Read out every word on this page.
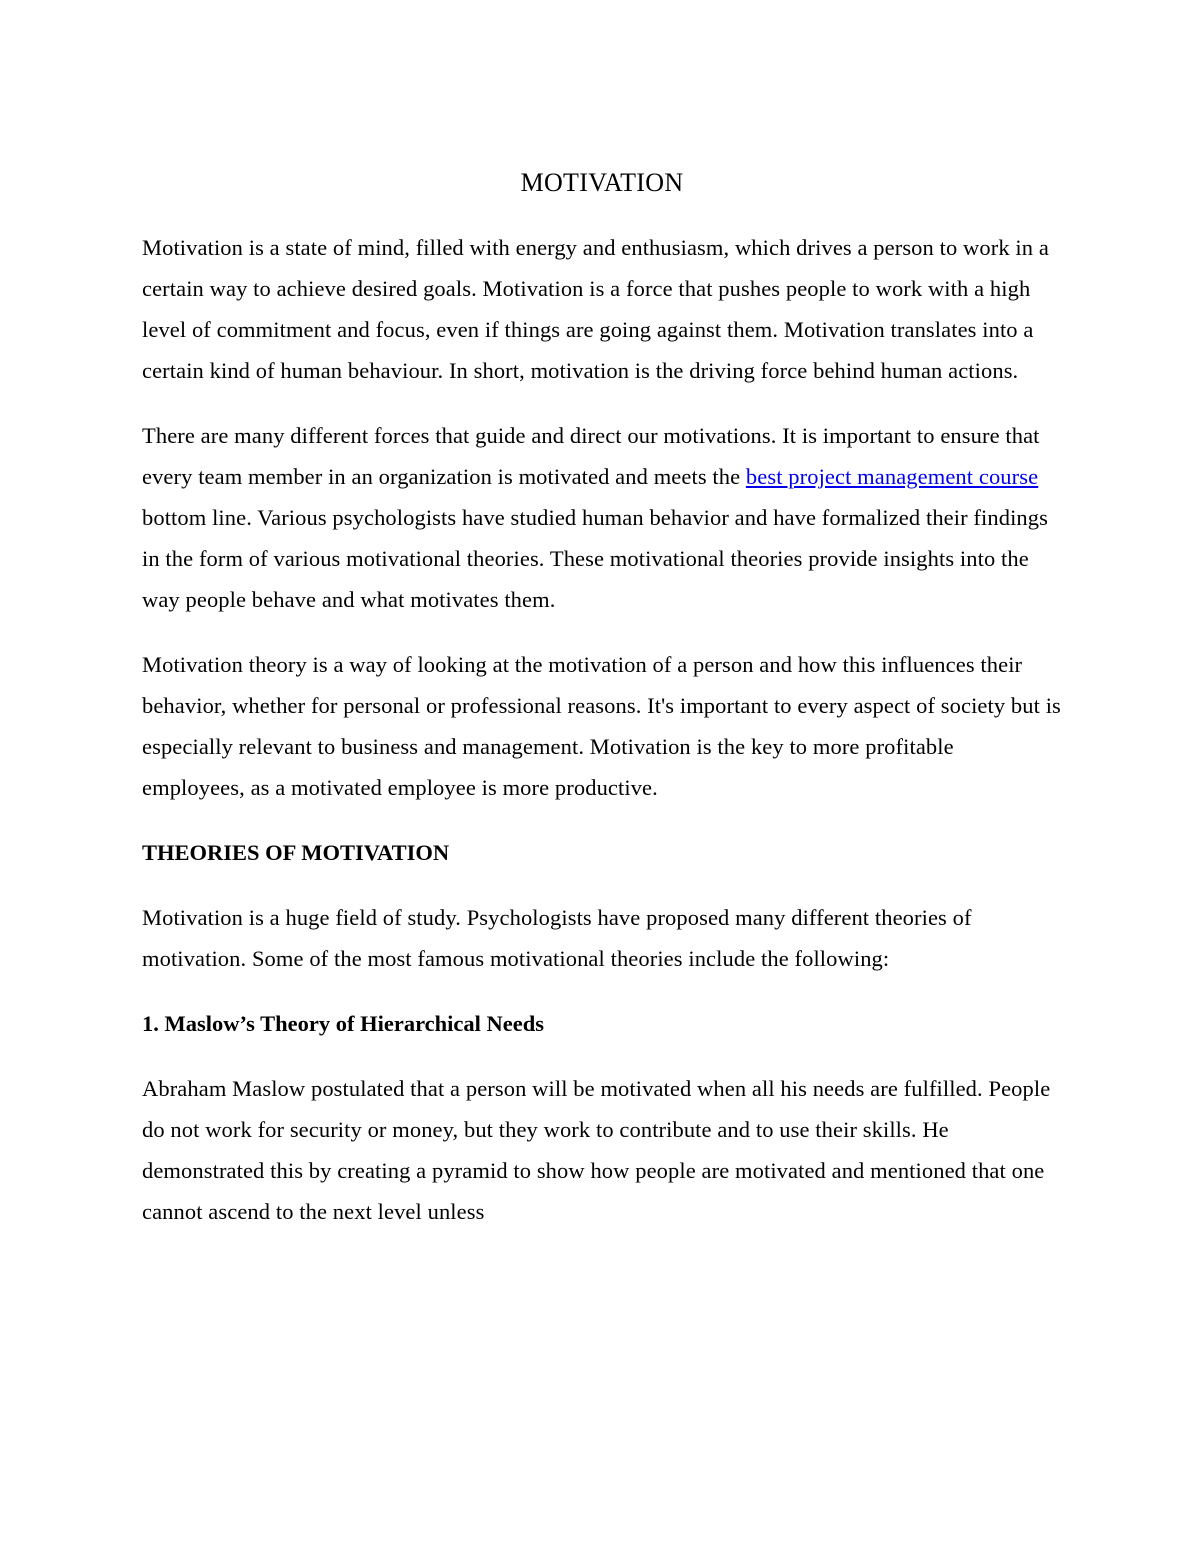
MOTIVATION

Motivation is a state of mind, filled with energy and enthusiasm, which drives a person to work in a certain way to achieve desired goals. Motivation is a force that pushes people to work with a high level of commitment and focus, even if things are going against them. Motivation translates into a certain kind of human behaviour. In short, motivation is the driving force behind human actions.

There are many different forces that guide and direct our motivations. It is important to ensure that every team member in an organization is motivated and meets the best project management course bottom line. Various psychologists have studied human behavior and have formalized their findings in the form of various motivational theories. These motivational theories provide insights into the way people behave and what motivates them.

Motivation theory is a way of looking at the motivation of a person and how this influences their behavior, whether for personal or professional reasons. It's important to every aspect of society but is especially relevant to business and management. Motivation is the key to more profitable employees, as a motivated employee is more productive.

THEORIES OF MOTIVATION

Motivation is a huge field of study. Psychologists have proposed many different theories of motivation. Some of the most famous motivational theories include the following:

1. Maslow’s Theory of Hierarchical Needs

Abraham Maslow postulated that a person will be motivated when all his needs are fulfilled. People do not work for security or money, but they work to contribute and to use their skills. He demonstrated this by creating a pyramid to show how people are motivated and mentioned that one cannot ascend to the next level unless
